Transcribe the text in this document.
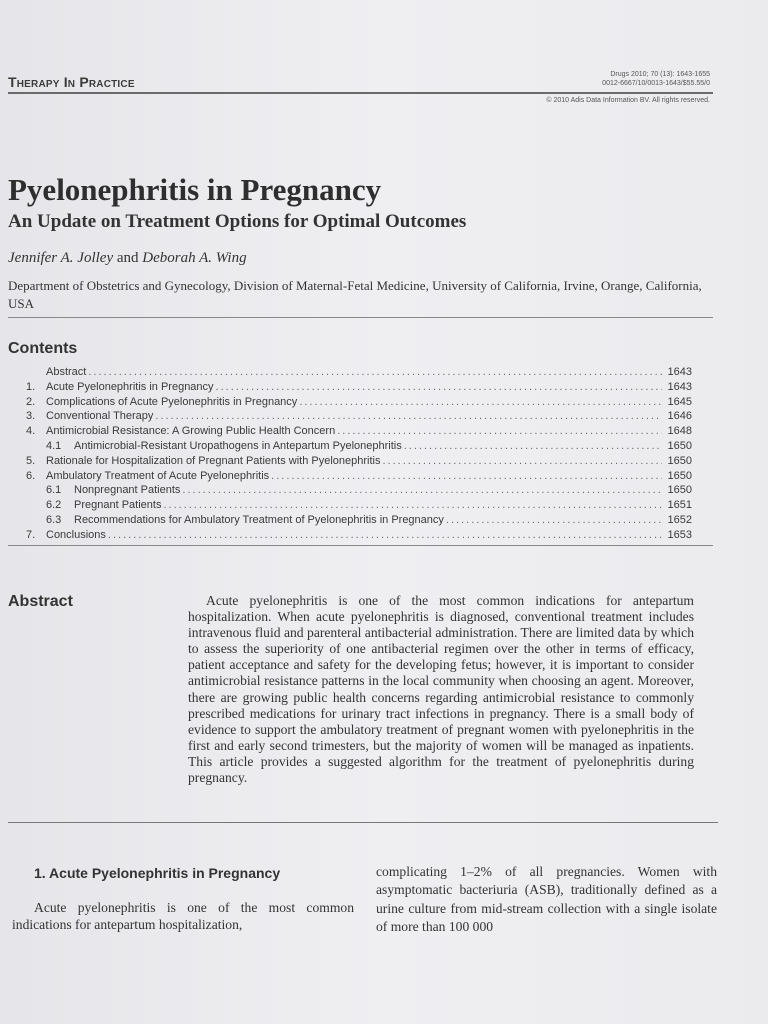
Therapy In Practice	Drugs 2010; 70 (13): 1643-1655
0012-6667/10/0013-1643/$55.55/0
© 2010 Adis Data Information BV. All rights reserved.
Pyelonephritis in Pregnancy
An Update on Treatment Options for Optimal Outcomes
Jennifer A. Jolley and Deborah A. Wing
Department of Obstetrics and Gynecology, Division of Maternal-Fetal Medicine, University of California, Irvine, Orange, California, USA
Contents
Abstract .....	1643
1. Acute Pyelonephritis in Pregnancy .....	1643
2. Complications of Acute Pyelonephritis in Pregnancy .....	1645
3. Conventional Therapy .....	1646
4. Antimicrobial Resistance: A Growing Public Health Concern .....	1648
4.1	Antimicrobial-Resistant Uropathogens in Antepartum Pyelonephritis .....	1650
5. Rationale for Hospitalization of Pregnant Patients with Pyelonephritis .....	1650
6. Ambulatory Treatment of Acute Pyelonephritis .....	1650
6.1	Nonpregnant Patients .....	1650
6.2	Pregnant Patients .....	1651
6.3	Recommendations for Ambulatory Treatment of Pyelonephritis in Pregnancy .....	1652
7. Conclusions .....	1653
Abstract	Acute pyelonephritis is one of the most common indications for antepartum hospitalization. When acute pyelonephritis is diagnosed, conventional treatment includes intravenous fluid and parenteral antibacterial administration. There are limited data by which to assess the superiority of one antibacterial regimen over the other in terms of efficacy, patient acceptance and safety for the developing fetus; however, it is important to consider antimicrobial resistance patterns in the local community when choosing an agent. Moreover, there are growing public health concerns regarding antimicrobial resistance to commonly prescribed medications for urinary tract infections in pregnancy. There is a small body of evidence to support the ambulatory treatment of pregnant women with pyelonephritis in the first and early second trimesters, but the majority of women will be managed as inpatients. This article provides a suggested algorithm for the treatment of pyelonephritis during pregnancy.
1. Acute Pyelonephritis in Pregnancy
Acute pyelonephritis is one of the most common indications for antepartum hospitalization,
complicating 1–2% of all pregnancies. Women with asymptomatic bacteriuria (ASB), traditionally defined as a urine culture from mid-stream collection with a single isolate of more than 100 000
